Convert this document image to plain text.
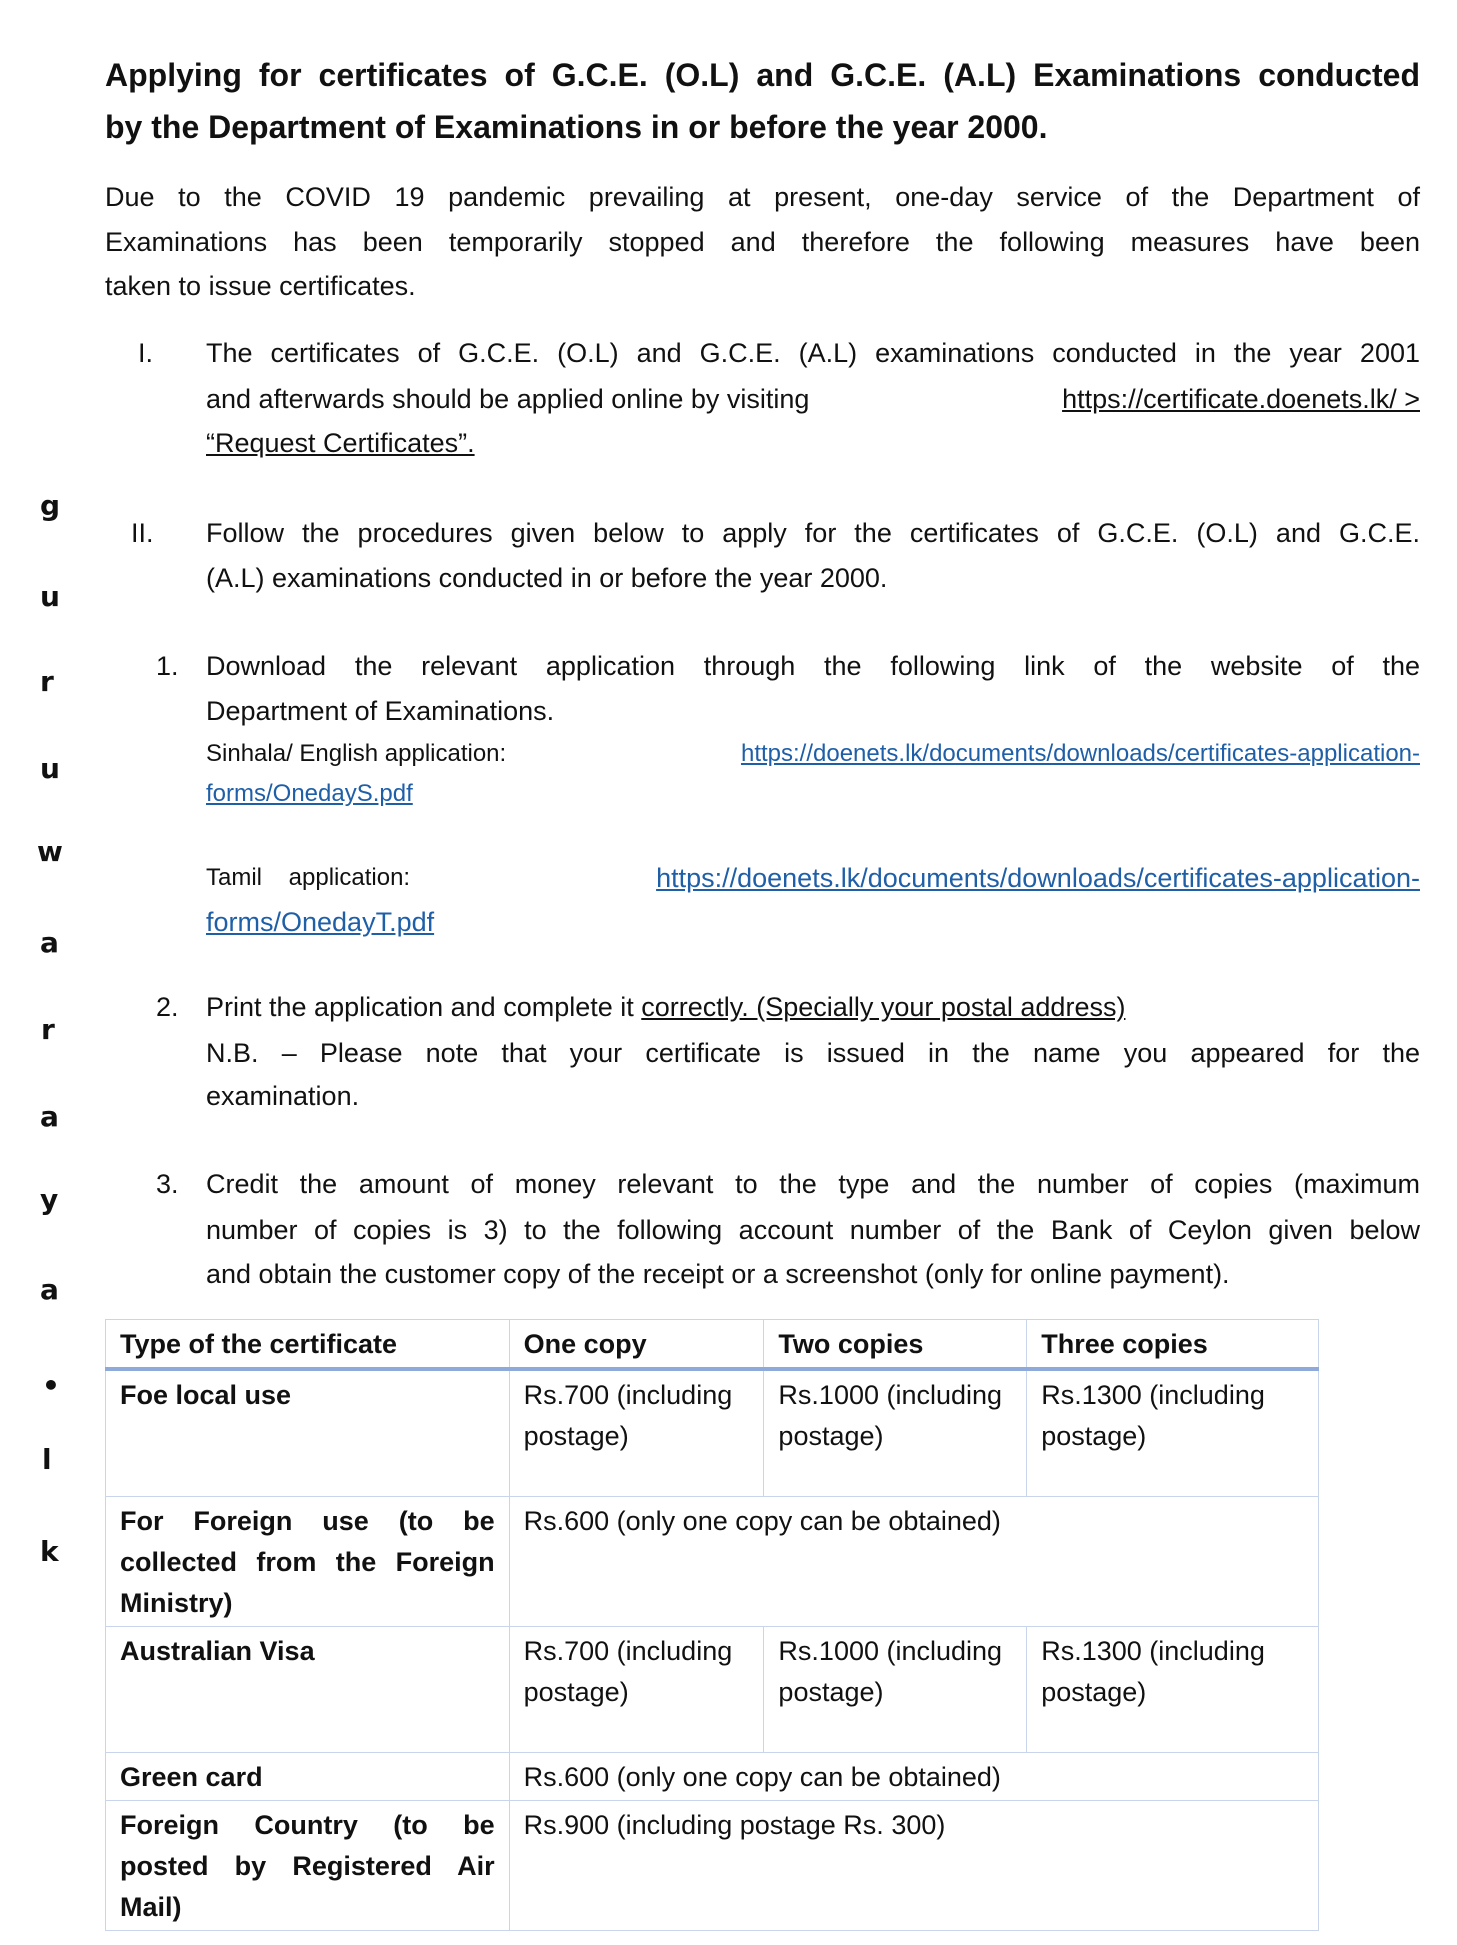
Applying for certificates of G.C.E. (O.L) and G.C.E. (A.L) Examinations conducted
by the Department of Examinations in or before the year 2000.
Due to the COVID 19 pandemic prevailing at present, one-day service of the Department of
Examinations has been temporarily stopped and therefore the following measures have been
taken to issue certificates.
I. The certificates of G.C.E. (O.L) and G.C.E. (A.L) examinations conducted in the year 2001
and afterwards should be applied online by visiting	https://certificate.doenets.lk/ >
“Request Certificates”.
II. Follow the procedures given below to apply for the certificates of G.C.E. (O.L) and G.C.E.
(A.L) examinations conducted in or before the year 2000.
1. Download the relevant application through the following link of the website of the
Department of Examinations.
Sinhala/ English application:	https://doenets.lk/documents/downloads/certificates-application-
forms/OnedayS.pdf
Tamil    application:	https://doenets.lk/documents/downloads/certificates-application-
forms/OnedayT.pdf
2. Print the application and complete it correctly. (Specially your postal address)
N.B. – Please note that your certificate is issued in the name you appeared for the
examination.
3. Credit the amount of money relevant to the type and the number of copies (maximum
number of copies is 3) to the following account number of the Bank of Ceylon given below
and obtain the customer copy of the receipt or a screenshot (only for online payment).
Type of the certificate	One copy	Two copies	Three copies
Foe local use	Rs.700 (including postage)	Rs.1000 (including postage)	Rs.1300 (including postage)
For Foreign use (to be collected from the Foreign Ministry)	Rs.600 (only one copy can be obtained)		
Australian Visa	Rs.700 (including postage)	Rs.1000 (including postage)	Rs.1300 (including postage)
Green card	Rs.600 (only one copy can be obtained)		
Foreign Country (to be posted by Registered Air Mail)	Rs.900 (including postage Rs. 300)		
g
u
r
u
w
a
r
a
y
a
•
l
k
